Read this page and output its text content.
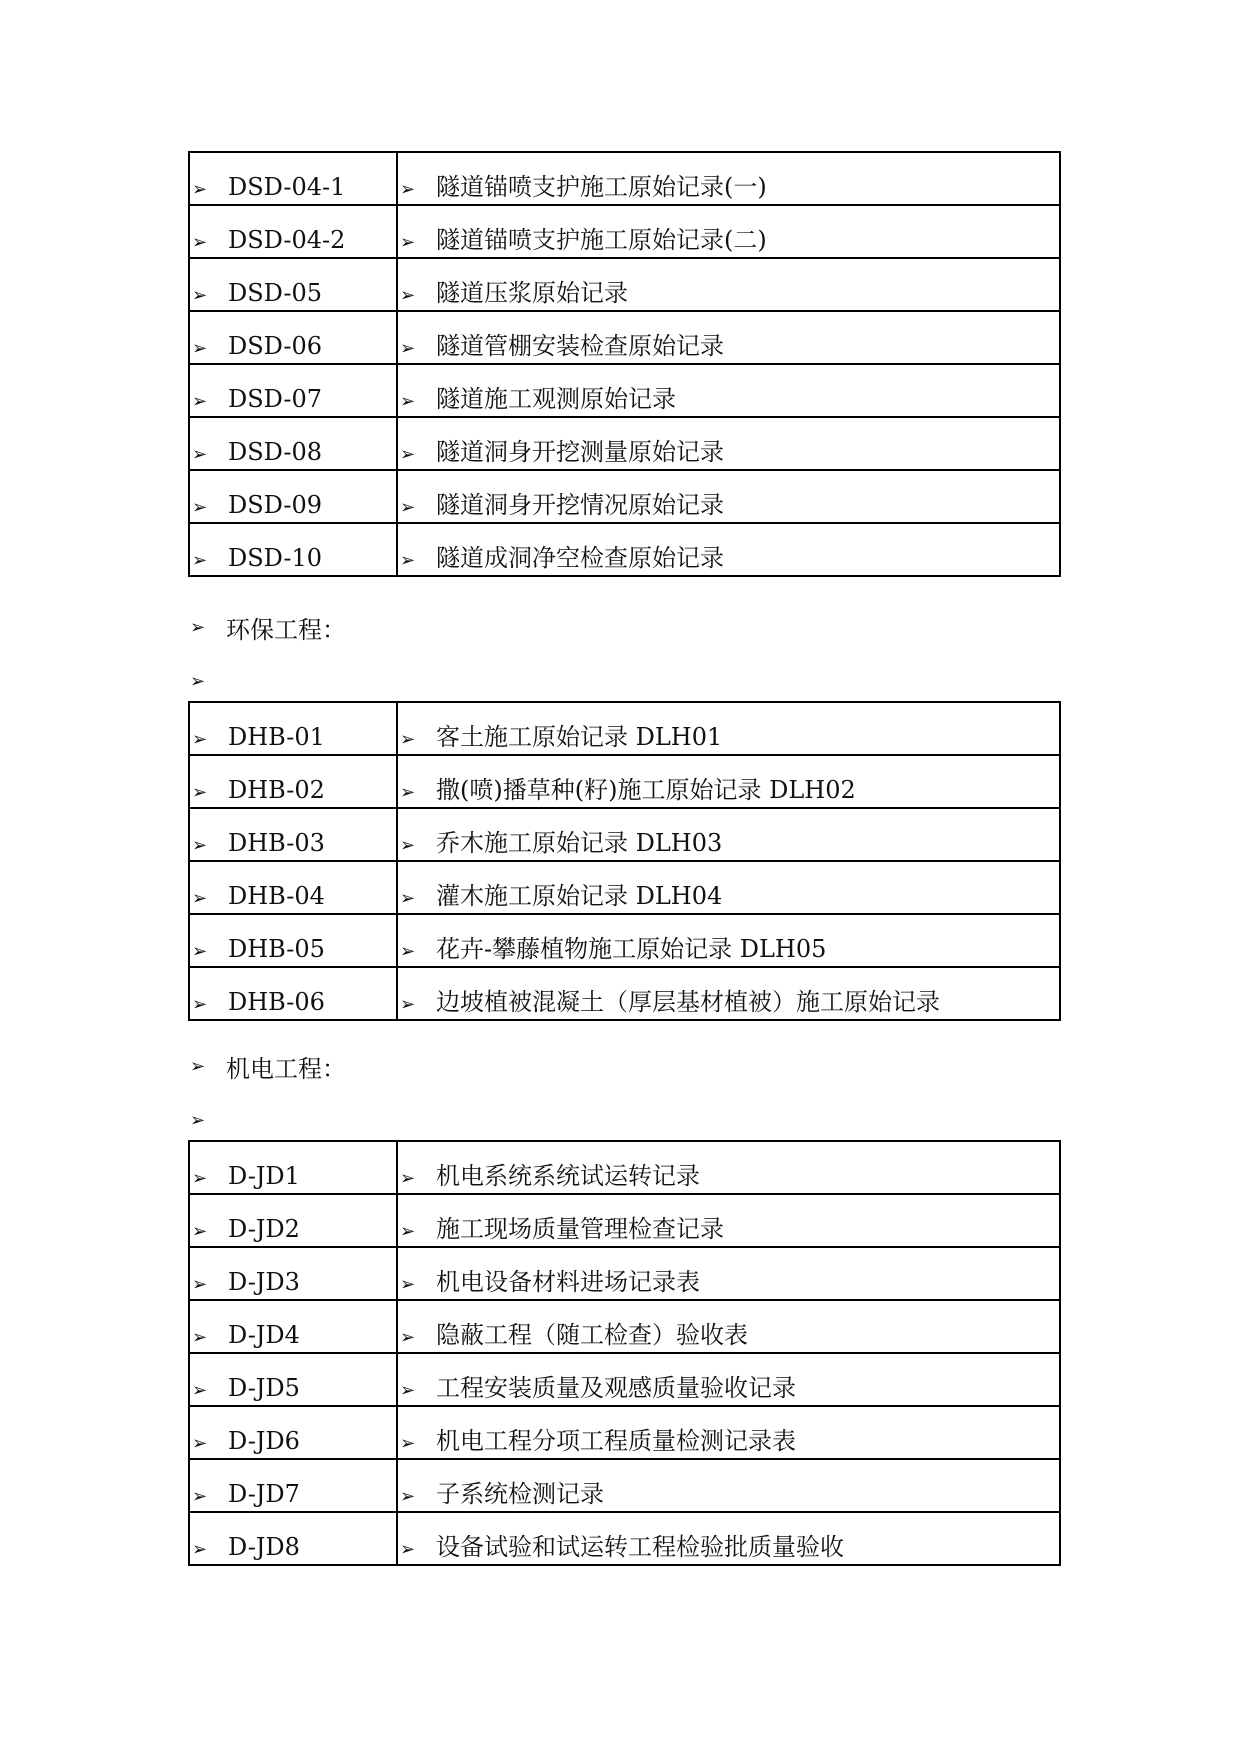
➢ DSD-04-1	➢ 隧道锚喷支护施工原始记录(一)

➢ DSD-04-2	➢ 隧道锚喷支护施工原始记录(二)

➢ DSD-05	➢ 隧道压浆原始记录

➢ DSD-06	➢ 隧道管棚安装检查原始记录

➢ DSD-07	➢ 隧道施工观测原始记录

➢ DSD-08	➢ 隧道洞身开挖测量原始记录

➢ DSD-09	➢ 隧道洞身开挖情况原始记录

➢ DSD-10	➢ 隧道成洞净空检查原始记录
➢ 环保工程：
➢
➢ DHB-01	➢ 客土施工原始记录 DLH01

➢ DHB-02	➢ 撒(喷)播草种(籽)施工原始记录 DLH02

➢ DHB-03	➢ 乔木施工原始记录 DLH03

➢ DHB-04	➢ 灌木施工原始记录 DLH04

➢ DHB-05	➢ 花卉-攀藤植物施工原始记录 DLH05

➢ DHB-06	➢ 边坡植被混凝土（厚层基材植被）施工原始记录
➢ 机电工程：
➢
➢ D-JD1	➢ 机电系统系统试运转记录

➢ D-JD2	➢ 施工现场质量管理检查记录

➢ D-JD3	➢ 机电设备材料进场记录表

➢ D-JD4	➢ 隐蔽工程（随工检查）验收表

➢ D-JD5	➢ 工程安装质量及观感质量验收记录

➢ D-JD6	➢ 机电工程分项工程质量检测记录表

➢ D-JD7	➢ 子系统检测记录

➢ D-JD8	➢ 设备试验和试运转工程检验批质量验收
